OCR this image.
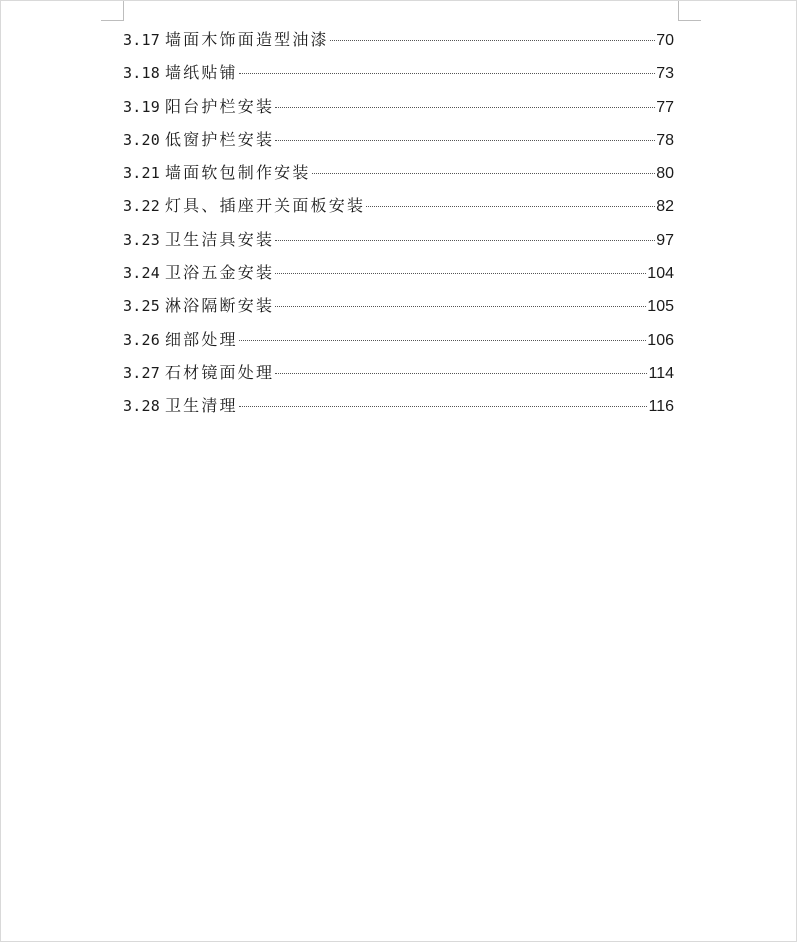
3.17 墙面木饰面造型油漆	70
3.18 墙纸贴铺	73
3.19 阳台护栏安装	77
3.20 低窗护栏安装	78
3.21 墙面软包制作安装	80
3.22 灯具、插座开关面板安装	82
3.23 卫生洁具安装	97
3.24 卫浴五金安装	104
3.25 淋浴隔断安装	105
3.26 细部处理	106
3.27 石材镜面处理	114
3.28 卫生清理	116
